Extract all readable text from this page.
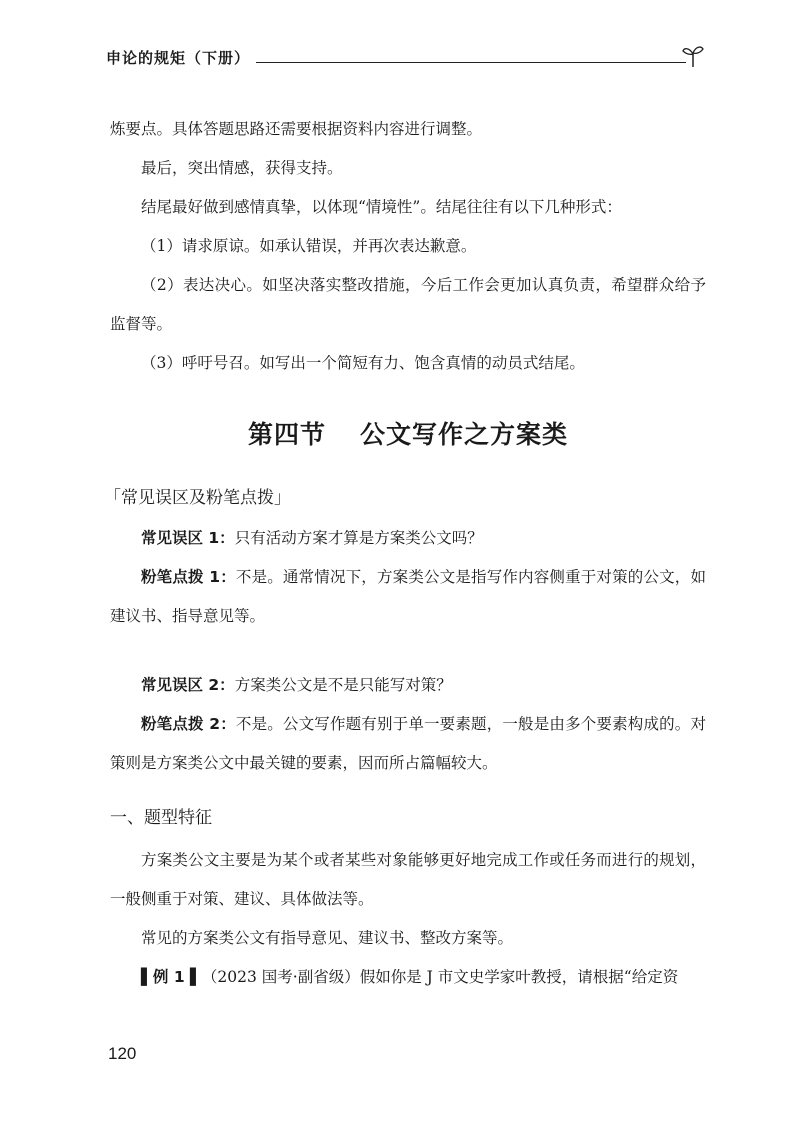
申论的规矩（下册）

炼要点。具体答题思路还需要根据资料内容进行调整。

最后，突出情感，获得支持。

结尾最好做到感情真挚，以体现“情境性”。结尾往往有以下几种形式：

（1）请求原谅。如承认错误，并再次表达歉意。

（2）表达决心。如坚决落实整改措施，今后工作会更加认真负责，希望群众给予监督等。

（3）呼吁号召。如写出一个简短有力、饱含真情的动员式结尾。

第四节 公文写作之方案类
「常见误区及粉笔点拨」

常见误区 1：只有活动方案才算是方案类公文吗？

粉笔点拨 1：不是。通常情况下，方案类公文是指写作内容侧重于对策的公文，如建议书、指导意见等。

常见误区 2：方案类公文是不是只能写对策？

粉笔点拨 2：不是。公文写作题有别于单一要素题，一般是由多个要素构成的。对策则是方案类公文中最关键的要素，因而所占篇幅较大。

一、题型特征

方案类公文主要是为某个或者某些对象能够更好地完成工作或任务而进行的规划，一般侧重于对策、建议、具体做法等。

常见的方案类公文有指导意见、建议书、整改方案等。

▌例 1 ▌（2023 国考·副省级）假如你是 J 市文史学家叶教授，请根据“给定资

120
